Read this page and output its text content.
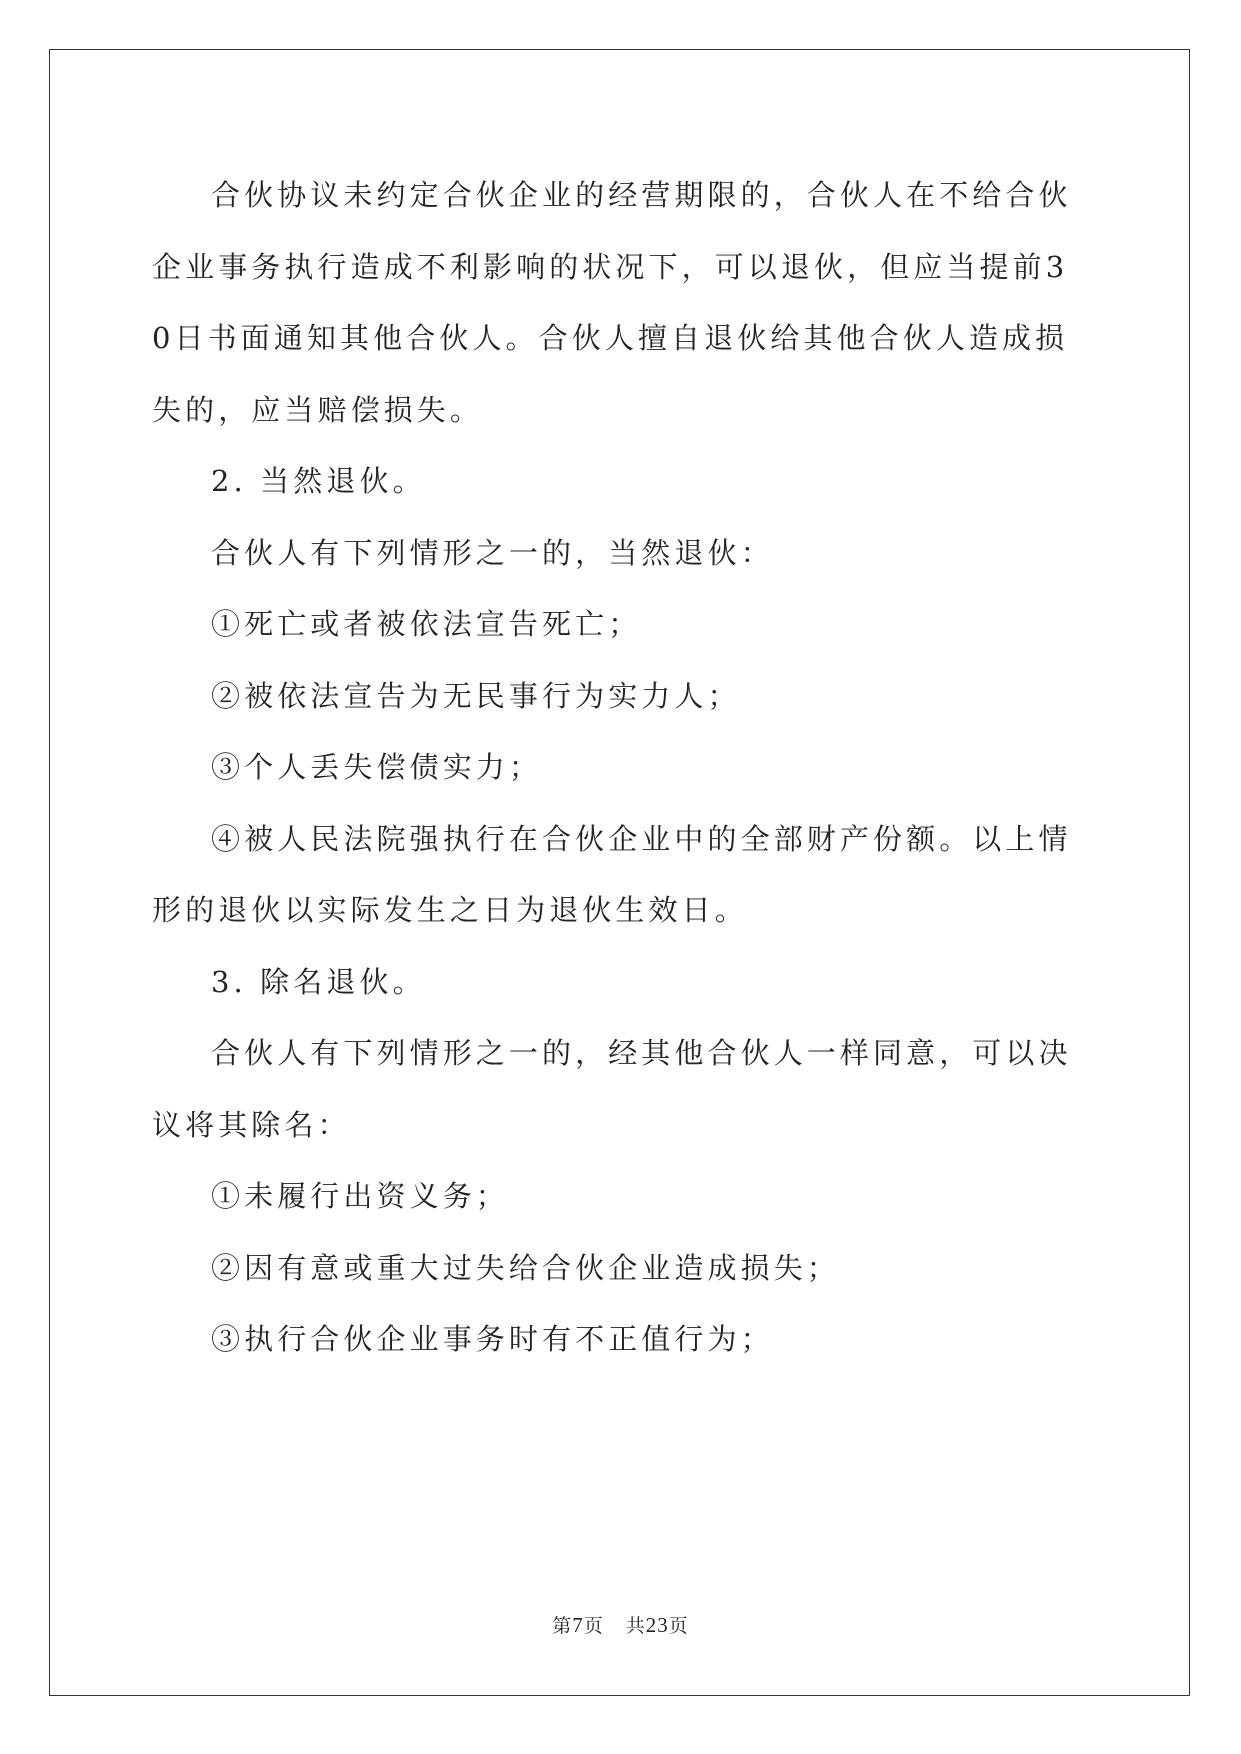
合伙协议未约定合伙企业的经营期限的，合伙人在不给合伙企业事务执行造成不利影响的状况下，可以退伙，但应当提前30日书面通知其他合伙人。合伙人擅自退伙给其他合伙人造成损失的，应当赔偿损失。

2. 当然退伙。

合伙人有下列情形之一的，当然退伙：

①死亡或者被依法宣告死亡；

②被依法宣告为无民事行为实力人；

③个人丢失偿债实力；

④被人民法院强执行在合伙企业中的全部财产份额。以上情形的退伙以实际发生之日为退伙生效日。

3. 除名退伙。

合伙人有下列情形之一的，经其他合伙人一样同意，可以决议将其除名：

①未履行出资义务；

②因有意或重大过失给合伙企业造成损失；

③执行合伙企业事务时有不正值行为；

第7页 共23页
